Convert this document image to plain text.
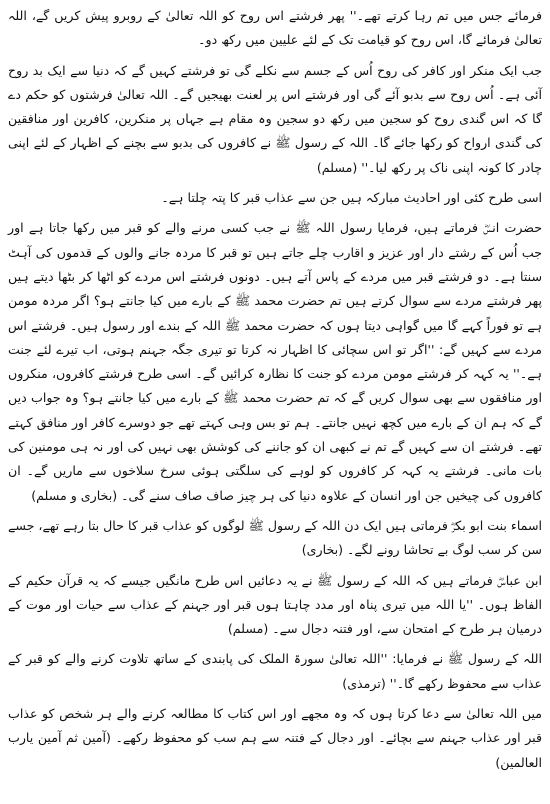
فرمائے جس میں تم رہا کرتے تھے۔'' پھر فرشتے اس روح کو اللہ تعالیٰ کے روبرو پیش کریں گے، اللہ تعالیٰ فرمائے گا، اس روح کو قیامت تک کے لئے علیین میں رکھ دو۔

جب ایک منکر اور کافر کی روح اُس کے جسم سے نکلے گی تو فرشتے کہیں گے کہ دنیا سے ایک بد روح آئی ہے۔ اُس روح سے بدبو آئے گی اور فرشتے اس پر لعنت بھیجیں گے۔ اللہ تعالیٰ فرشتوں کو حکم دے گا کہ اس گندی روح کو سجین میں رکھ دو سجین وہ مقام ہے جہاں پر منکرین، کافرین اور منافقین کی گندی ارواح کو رکھا جائے گا۔ اللہ کے رسول ﷺ نے کافروں کی بدبو سے بچنے کے اظہار کے لئے اپنی چادر کا کونہ اپنی ناک پر رکھ لیا۔'' (مسلم)

اسی طرح کئی اور احادیث مبارکہ ہیں جن سے عذاب قبر کا پتہ چلتا ہے۔

حضرت انسؓ فرماتے ہیں، فرمایا رسول اللہ ﷺ نے جب کسی مرنے والے کو قبر میں رکھا جاتا ہے اور جب اُس کے رشتے دار اور عزیز و اقارب چلے جاتے ہیں تو قبر کا مردہ جانے والوں کے قدموں کی آہٹ سنتا ہے۔ دو فرشتے قبر میں مردے کے پاس آتے ہیں۔ دونوں فرشتے اس مردے کو اٹھا کر بٹھا دیتے ہیں پھر فرشتے مردے سے سوال کرتے ہیں تم حضرت محمد ﷺ کے بارے میں کیا جانتے ہو؟ اگر مردہ مومن ہے تو فوراً کہے گا میں گواہی دیتا ہوں کہ حضرت محمد ﷺ اللہ کے بندے اور رسول ہیں۔ فرشتے اس مردے سے کہیں گے: ''اگر تو اس سچائی کا اظہار نہ کرتا تو تیری جگہ جہنم ہوتی، اب تیرے لئے جنت ہے۔'' یہ کہہ کر فرشتے مومن مردے کو جنت کا نظارہ کرائیں گے۔ اسی طرح فرشتے کافروں، منکروں اور منافقوں سے بھی سوال کریں گے کہ تم حضرت محمد ﷺ کے بارے میں کیا جانتے ہو؟ وہ جواب دیں گے کہ ہم ان کے بارے میں کچھ نہیں جانتے۔ ہم تو بس وہی کہتے تھے جو دوسرے کافر اور منافق کہتے تھے۔ فرشتے ان سے کہیں گے تم نے کبھی ان کو جاننے کی کوشش بھی نہیں کی اور نہ ہی مومنین کی بات مانی۔ فرشتے یہ کہہ کر کافروں کو لوہے کی سلگتی ہوئی سرخ سلاخوں سے ماریں گے۔ ان کافروں کی چیخیں جن اور انسان کے علاوہ دنیا کی ہر چیز صاف صاف سنے گی۔ (بخاری و مسلم)

اسماء بنت ابو بکرؓ فرماتی ہیں ایک دن اللہ کے رسول ﷺ لوگوں کو عذاب قبر کا حال بتا رہے تھے، جسے سن کر سب لوگ بے تحاشا رونے لگے۔ (بخاری)

ابن عباسؓ فرماتے ہیں کہ اللہ کے رسول ﷺ نے یہ دعائیں اس طرح مانگیں جیسے کہ یہ قرآن حکیم کے الفاظ ہوں۔ ''یا اللہ میں تیری پناہ اور مدد چاہتا ہوں قبر اور جہنم کے عذاب سے حیات اور موت کے درمیان ہر طرح کے امتحان سے، اور فتنہ دجال سے۔ (مسلم)

اللہ کے رسول ﷺ نے فرمایا: ''اللہ تعالیٰ سورۃ الملک کی پابندی کے ساتھ تلاوت کرنے والے کو قبر کے عذاب سے محفوظ رکھے گا۔'' (ترمذی)

میں اللہ تعالیٰ سے دعا کرتا ہوں کہ وہ مجھے اور اس کتاب کا مطالعہ کرنے والے ہر شخص کو عذاب قبر اور عذاب جہنم سے بچائے۔ اور دجال کے فتنہ سے ہم سب کو محفوظ رکھے۔ (آمین ثم آمین یارب العالمین)
